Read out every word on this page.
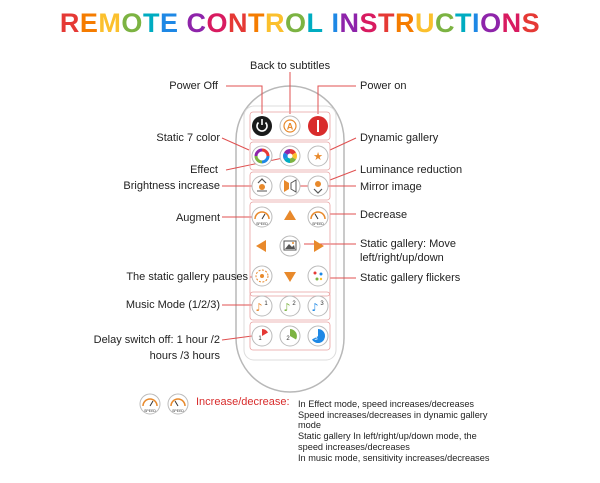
REMOTE CONTROL INSTRUCTIONS
A
★
SPEED	SPEED
♪ 1 ♪ 2 ♪ 3
1	2	3
SPEED	SPEED
Back to subtitles
Power Off	Power on
Static 7 color	Dynamic gallery
Effect	Luminance reduction
Brightness increase	Mirror image
Augment	Decrease
Static gallery: Move
left/right/up/down
The static gallery pauses	Static gallery flickers
Music Mode (1/2/3)
Delay switch off: 1 hour /2
hours /3 hours
Increase/decrease: In Effect mode, speed increases/decreases
Speed increases/decreases in dynamic gallery
mode
Static gallery In left/right/up/down mode, the
speed increases/decreases
In music mode, sensitivity increases/decreases
